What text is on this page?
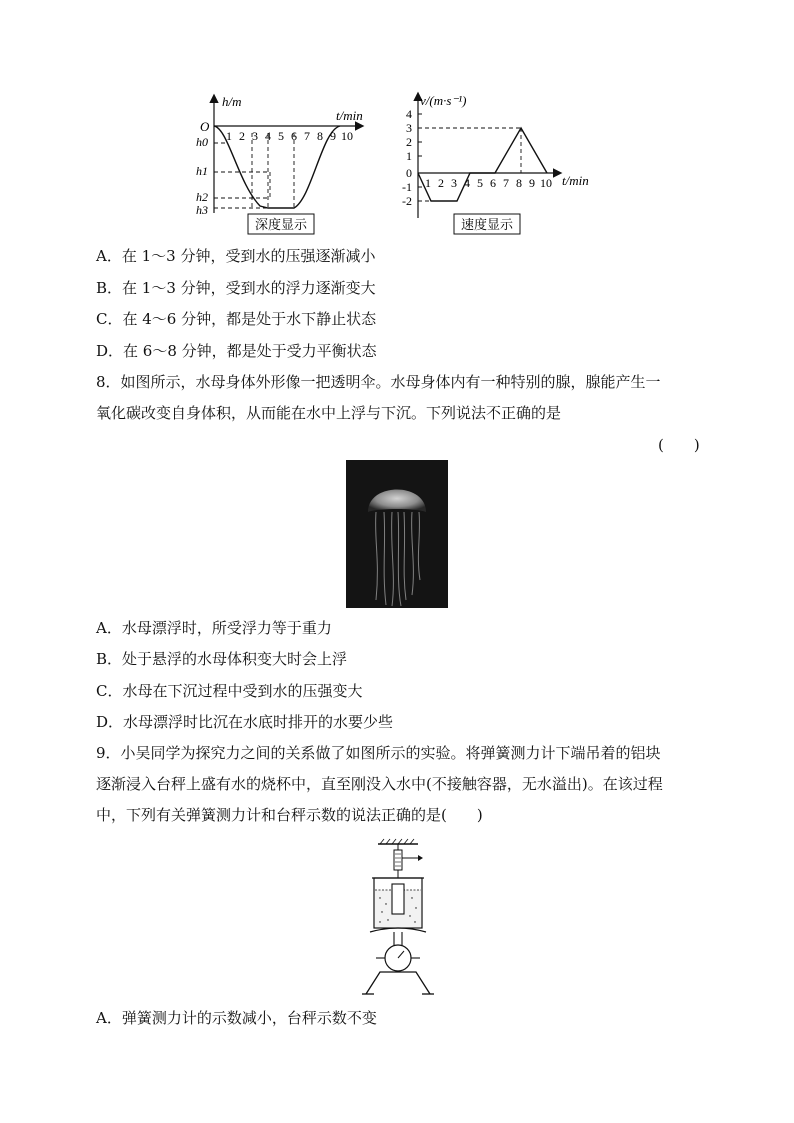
h/m
t/min
O
1 2 3 4 5 6 7 8 9 10
h0
h1
h2
h3
深度显示
v/(m·s⁻¹)
t/min
4
3
2
1
0
-1
-2
1 2 3 4 5 6 7 8 9 10
速度显示
A．在 1～3 分钟，受到水的压强逐渐减小
B．在 1～3 分钟，受到水的浮力逐渐变大
C．在 4～6 分钟，都是处于水下静止状态
D．在 6～8 分钟，都是处于受力平衡状态
8．如图所示，水母身体外形像一把透明伞。水母身体内有一种特别的腺，腺能产生一
氧化碳改变自身体积，从而能在水中上浮与下沉。下列说法不正确的是
(　　)
A．水母漂浮时，所受浮力等于重力
B．处于悬浮的水母体积变大时会上浮
C．水母在下沉过程中受到水的压强变大
D．水母漂浮时比沉在水底时排开的水要少些
9．小吴同学为探究力之间的关系做了如图所示的实验。将弹簧测力计下端吊着的铝块
逐渐浸入台秤上盛有水的烧杯中，直至刚没入水中(不接触容器，无水溢出)。在该过程
中，下列有关弹簧测力计和台秤示数的说法正确的是(　　)
A．弹簧测力计的示数减小，台秤示数不变
